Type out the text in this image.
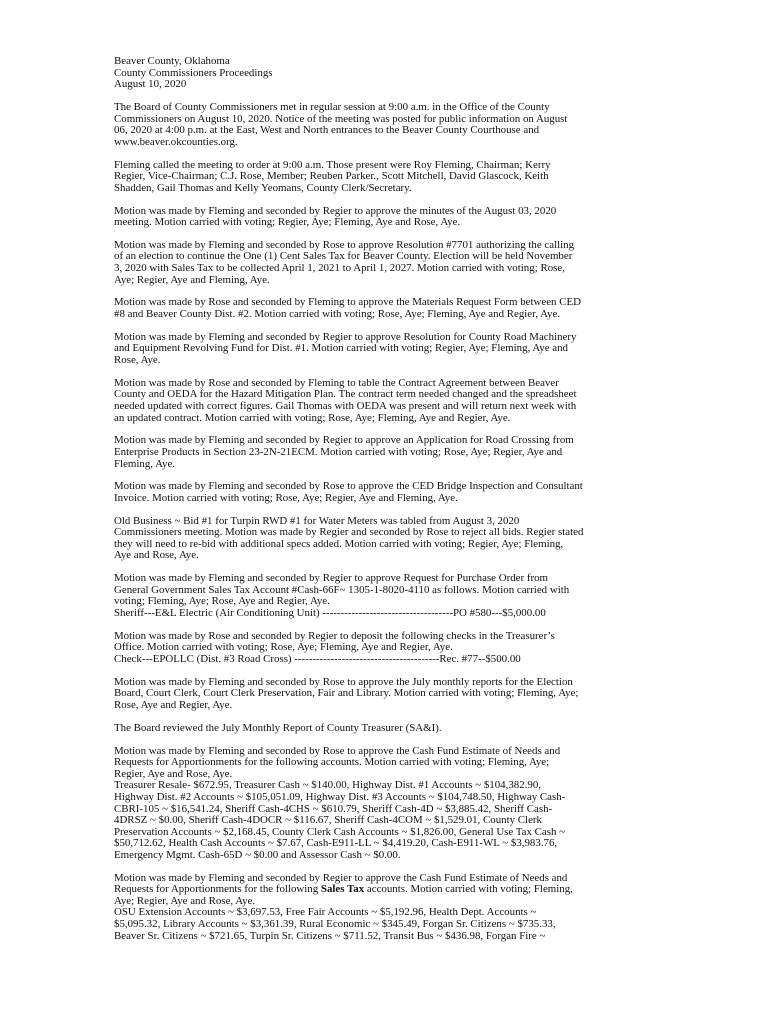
Beaver County, Oklahoma
County Commissioners Proceedings
August 10, 2020
The Board of County Commissioners met in regular session at 9:00 a.m. in the Office of the County
Commissioners on August 10, 2020. Notice of the meeting was posted for public information on August
06, 2020 at 4:00 p.m. at the East, West and North entrances to the Beaver County Courthouse and
www.beaver.okcounties.org.
Fleming called the meeting to order at 9:00 a.m. Those present were Roy Fleming, Chairman; Kerry
Regier, Vice-Chairman; C.J. Rose, Member; Reuben Parker., Scott Mitchell, David Glascock, Keith
Shadden, Gail Thomas and Kelly Yeomans, County Clerk/Secretary.
Motion was made by Fleming and seconded by Regier to approve the minutes of the August 03, 2020
meeting. Motion carried with voting; Regier, Aye; Fleming, Aye and Rose, Aye.
Motion was made by Fleming and seconded by Rose to approve Resolution #7701 authorizing the calling
of an election to continue the One (1) Cent Sales Tax for Beaver County. Election will be held November
3, 2020 with Sales Tax to be collected April 1, 2021 to April 1, 2027. Motion carried with voting; Rose,
Aye; Regier, Aye and Fleming, Aye.
Motion was made by Rose and seconded by Fleming to approve the Materials Request Form between CED
#8 and Beaver County Dist. #2. Motion carried with voting; Rose, Aye; Fleming, Aye and Regier, Aye.
Motion was made by Fleming and seconded by Regier to approve Resolution for County Road Machinery
and Equipment Revolving Fund for Dist. #1. Motion carried with voting; Regier, Aye; Fleming, Aye and
Rose, Aye.
Motion was made by Rose and seconded by Fleming to table the Contract Agreement between Beaver
County and OEDA for the Hazard Mitigation Plan. The contract term needed changed and the spreadsheet
needed updated with correct figures. Gail Thomas with OEDA was present and will return next week with
an updated contract. Motion carried with voting; Rose, Aye; Fleming, Aye and Regier, Aye.
Motion was made by Fleming and seconded by Regier to approve an Application for Road Crossing from
Enterprise Products in Section 23-2N-21ECM. Motion carried with voting; Rose, Aye; Regier, Aye and
Fleming, Aye.
Motion was made by Fleming and seconded by Rose to approve the CED Bridge Inspection and Consultant
Invoice. Motion carried with voting; Rose, Aye; Regier, Aye and Fleming, Aye.
Old Business ~ Bid #1 for Turpin RWD #1 for Water Meters was tabled from August 3, 2020
Commissioners meeting. Motion was made by Regier and seconded by Rose to reject all bids. Regier stated
they will need to re-bid with additional specs added. Motion carried with voting; Regier, Aye; Fleming,
Aye and Rose, Aye.
Motion was made by Fleming and seconded by Regier to approve Request for Purchase Order from
General Government Sales Tax Account #Cash-66F~ 1305-1-8020-4110 as follows. Motion carried with
voting; Fleming, Aye; Rose, Aye and Regier, Aye.
Sheriff---E&L Electric (Air Conditioning Unit) ------------------------------------PO #580---$5,000.00
Motion was made by Rose and seconded by Regier to deposit the following checks in the Treasurer’s
Office. Motion carried with voting; Rose, Aye; Fleming, Aye and Regier, Aye.
Check---EPOLLC (Dist. #3 Road Cross) ----------------------------------------Rec. #77--$500.00
Motion was made by Fleming and seconded by Rose to approve the July monthly reports for the Election
Board, Court Clerk, Court Clerk Preservation, Fair and Library. Motion carried with voting; Fleming, Aye;
Rose, Aye and Regier, Aye.
The Board reviewed the July Monthly Report of County Treasurer (SA&I).
Motion was made by Fleming and seconded by Rose to approve the Cash Fund Estimate of Needs and
Requests for Apportionments for the following accounts. Motion carried with voting; Fleming, Aye;
Regier, Aye and Rose, Aye.
Treasurer Resale- $672.95, Treasurer Cash ~ $140.00, Highway Dist. #1 Accounts ~ $104,382.90,
Highway Dist. #2 Accounts ~ $105,051.09, Highway Dist. #3 Accounts ~ $104,748.50, Highway Cash-
CBRI-105 ~ $16,541.24, Sheriff Cash-4CHS ~ $610.79, Sheriff Cash-4D ~ $3,885.42, Sheriff Cash-
4DRSZ ~ $0.00, Sheriff Cash-4DOCR ~ $116.67, Sheriff Cash-4COM ~ $1,529.01, County Clerk
Preservation Accounts ~ $2,168.45, County Clerk Cash Accounts ~ $1,826.00, General Use Tax Cash ~
$50,712.62, Health Cash Accounts ~ $7.67, Cash-E911-LL ~ $4,419.20, Cash-E911-WL ~ $3,983.76,
Emergency Mgmt. Cash-65D ~ $0.00 and Assessor Cash ~ $0.00.
Motion was made by Fleming and seconded by Regier to approve the Cash Fund Estimate of Needs and
Requests for Apportionments for the following Sales Tax accounts. Motion carried with voting; Fleming,
Aye; Regier, Aye and Rose, Aye.
OSU Extension Accounts ~ $3,697.53, Free Fair Accounts ~ $5,192.96, Health Dept. Accounts ~
$5,095.32, Library Accounts ~ $3,361.39, Rural Economic ~ $345.49, Forgan Sr. Citizens ~ $735.33,
Beaver Sr. Citizens ~ $721.65, Turpin Sr. Citizens ~ $711.52, Transit Bus ~ $436.98, Forgan Fire ~
